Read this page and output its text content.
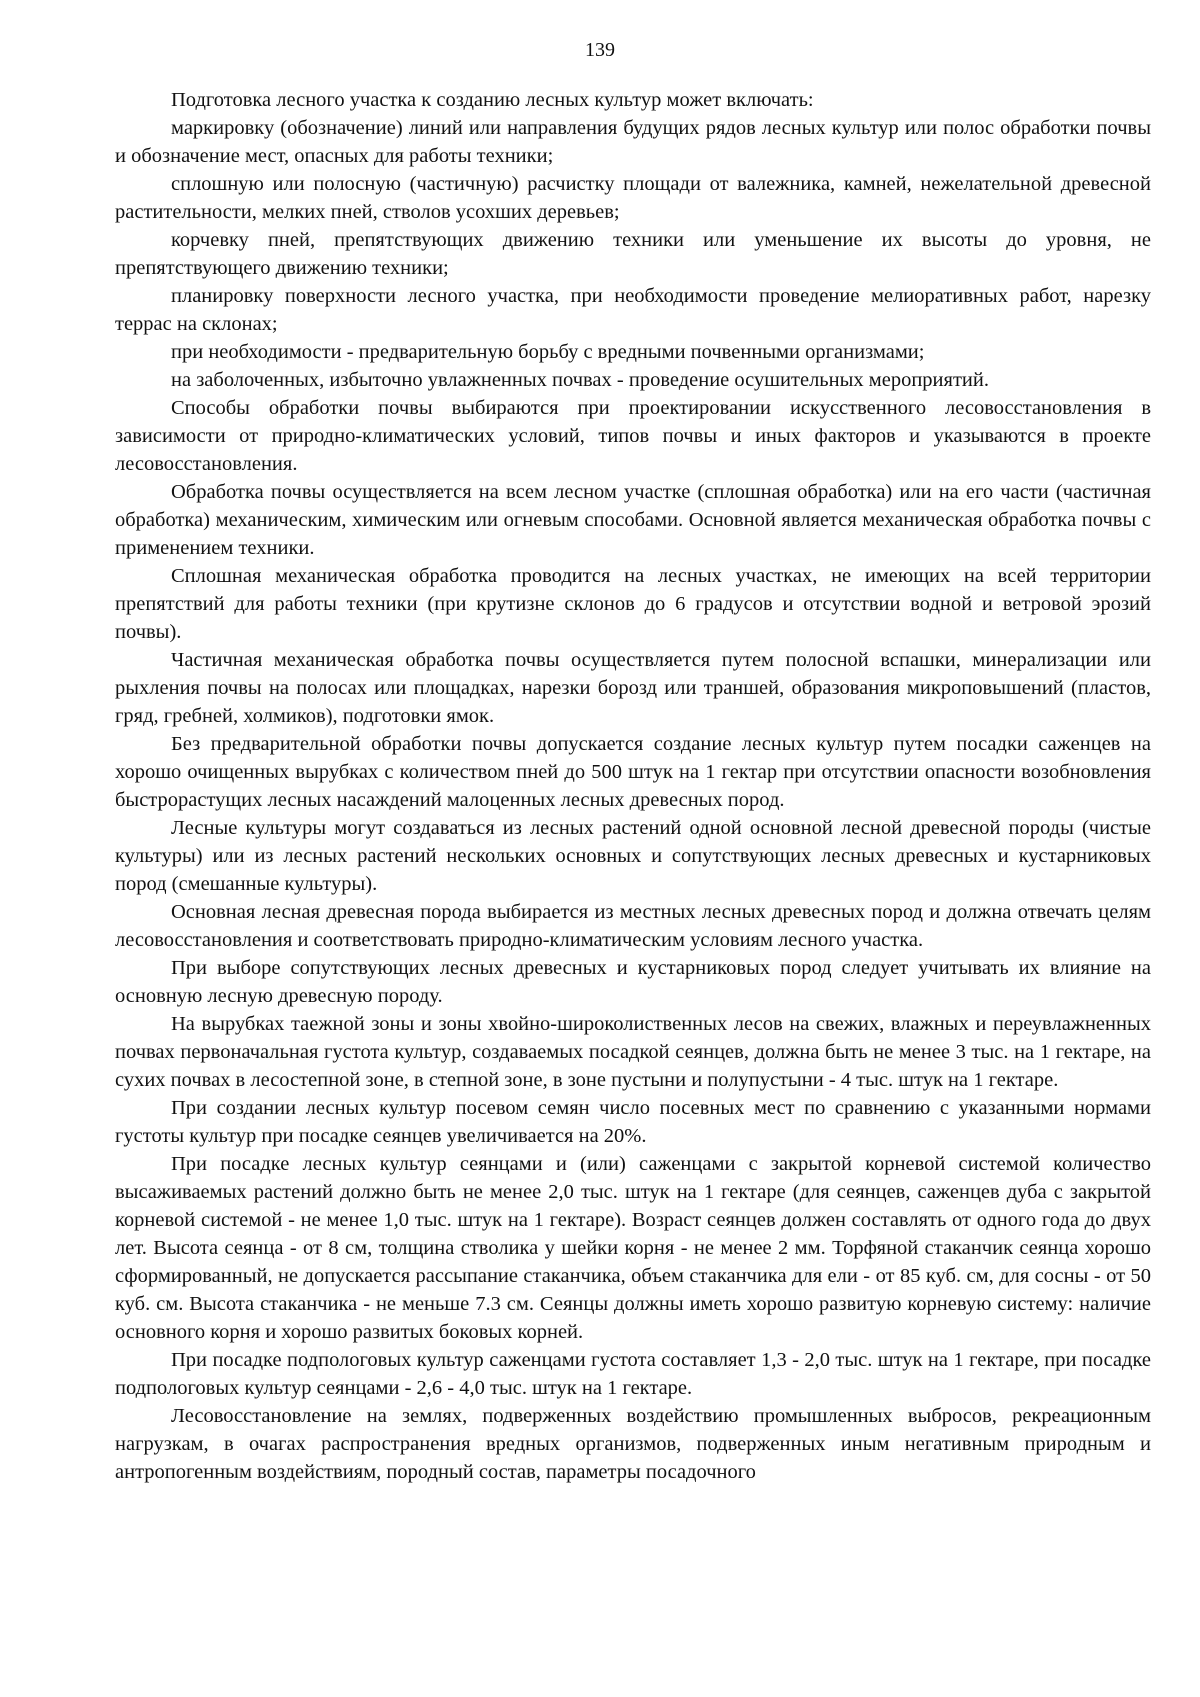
139

Подготовка лесного участка к созданию лесных культур может включать:

маркировку (обозначение) линий или направления будущих рядов лесных культур или полос обработки почвы и обозначение мест, опасных для работы техники;

сплошную или полосную (частичную) расчистку площади от валежника, камней, нежелательной древесной растительности, мелких пней, стволов усохших деревьев;

корчевку пней, препятствующих движению техники или уменьшение их высоты до уровня, не препятствующего движению техники;

планировку поверхности лесного участка, при необходимости проведение мелиоративных работ, нарезку террас на склонах;

при необходимости - предварительную борьбу с вредными почвенными организмами;

на заболоченных, избыточно увлажненных почвах - проведение осушительных мероприятий.

Способы обработки почвы выбираются при проектировании искусственного лесовосстановления в зависимости от природно-климатических условий, типов почвы и иных факторов и указываются в проекте лесовосстановления.

Обработка почвы осуществляется на всем лесном участке (сплошная обработка) или на его части (частичная обработка) механическим, химическим или огневым способами. Основной является механическая обработка почвы с применением техники.

Сплошная механическая обработка проводится на лесных участках, не имеющих на всей территории препятствий для работы техники (при крутизне склонов до 6 градусов и отсутствии водной и ветровой эрозий почвы).

Частичная механическая обработка почвы осуществляется путем полосной вспашки, минерализации или рыхления почвы на полосах или площадках, нарезки борозд или траншей, образования микроповышений (пластов, гряд, гребней, холмиков), подготовки ямок.

Без предварительной обработки почвы допускается создание лесных культур путем посадки саженцев на хорошо очищенных вырубках с количеством пней до 500 штук на 1 гектар при отсутствии опасности возобновления быстрорастущих лесных насаждений малоценных лесных древесных пород.

Лесные культуры могут создаваться из лесных растений одной основной лесной древесной породы (чистые культуры) или из лесных растений нескольких основных и сопутствующих лесных древесных и кустарниковых пород (смешанные культуры).

Основная лесная древесная порода выбирается из местных лесных древесных пород и должна отвечать целям лесовосстановления и соответствовать природно-климатическим условиям лесного участка.

При выборе сопутствующих лесных древесных и кустарниковых пород следует учитывать их влияние на основную лесную древесную породу.

На вырубках таежной зоны и зоны хвойно-широколиственных лесов на свежих, влажных и переувлажненных почвах первоначальная густота культур, создаваемых посадкой сеянцев, должна быть не менее 3 тыс. на 1 гектаре, на сухих почвах в лесостепной зоне, в степной зоне, в зоне пустыни и полупустыни - 4 тыс. штук на 1 гектаре.

При создании лесных культур посевом семян число посевных мест по сравнению с указанными нормами густоты культур при посадке сеянцев увеличивается на 20%.

При посадке лесных культур сеянцами и (или) саженцами с закрытой корневой системой количество высаживаемых растений должно быть не менее 2,0 тыс. штук на 1 гектаре (для сеянцев, саженцев дуба с закрытой корневой системой - не менее 1,0 тыс. штук на 1 гектаре). Возраст сеянцев должен составлять от одного года до двух лет. Высота сеянца - от 8 см, толщина стволика у шейки корня - не менее 2 мм. Торфяной стаканчик сеянца хорошо сформированный, не допускается рассыпание стаканчика, объем стаканчика для ели - от 85 куб. см, для сосны - от 50 куб. см. Высота стаканчика - не меньше 7.3 см. Сеянцы должны иметь хорошо развитую корневую систему: наличие основного корня и хорошо развитых боковых корней.

При посадке подпологовых культур саженцами густота составляет 1,3 - 2,0 тыс. штук на 1 гектаре, при посадке подпологовых культур сеянцами - 2,6 - 4,0 тыс. штук на 1 гектаре.

Лесовосстановление на землях, подверженных воздействию промышленных выбросов, рекреационным нагрузкам, в очагах распространения вредных организмов, подверженных иным негативным природным и антропогенным воздействиям, породный состав, параметры посадочного
